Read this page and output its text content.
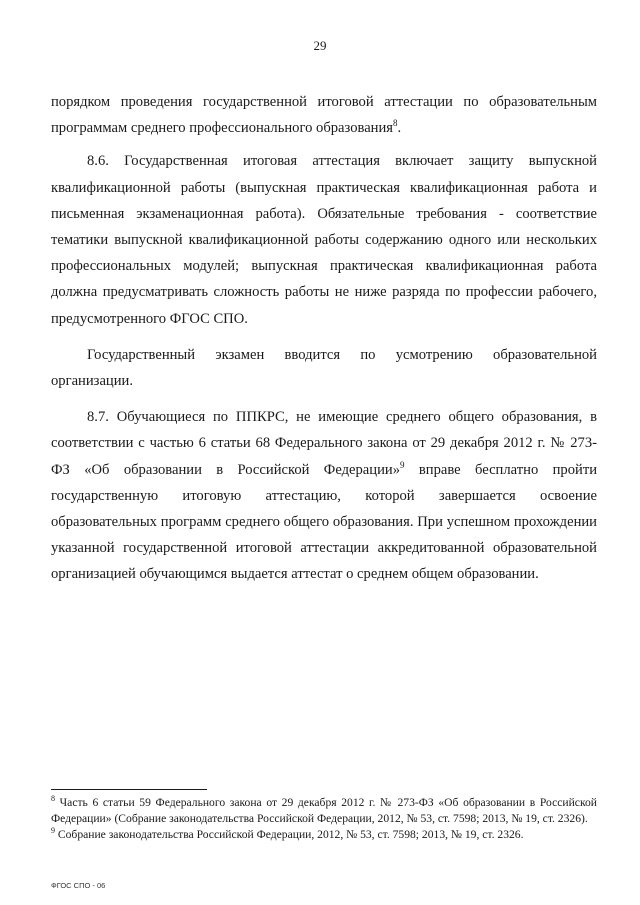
29

порядком проведения государственной итоговой аттестации по образовательным программам среднего профессионального образования$^8$.

8.6. Государственная итоговая аттестация включает защиту выпускной квалификационной работы (выпускная практическая квалификационная работа и письменная экзаменационная работа). Обязательные требования - соответствие тематики выпускной квалификационной работы содержанию одного или нескольких профессиональных модулей; выпускная практическая квалификационная работа должна предусматривать сложность работы не ниже разряда по профессии рабочего, предусмотренного ФГОС СПО.

Государственный экзамен вводится по усмотрению образовательной организации.

8.7. Обучающиеся по ППКРС, не имеющие среднего общего образования, в соответствии с частью 6 статьи 68 Федерального закона от 29 декабря 2012 г. № 273-ФЗ «Об образовании в Российской Федерации»$^9$ вправе бесплатно пройти государственную итоговую аттестацию, которой завершается освоение образовательных программ среднего общего образования. При успешном прохождении указанной государственной итоговой аттестации аккредитованной образовательной организацией обучающимся выдается аттестат о среднем общем образовании.

$^8$ Часть 6 статьи 59 Федерального закона от 29 декабря 2012 г. № 273-ФЗ «Об образовании в Российской Федерации» (Собрание законодательства Российской Федерации, 2012, № 53, ст. 7598; 2013, № 19, ст. 2326).

$^9$ Собрание законодательства Российской Федерации, 2012, № 53, ст. 7598; 2013, № 19, ст. 2326.

ФГОС СПО - 06
